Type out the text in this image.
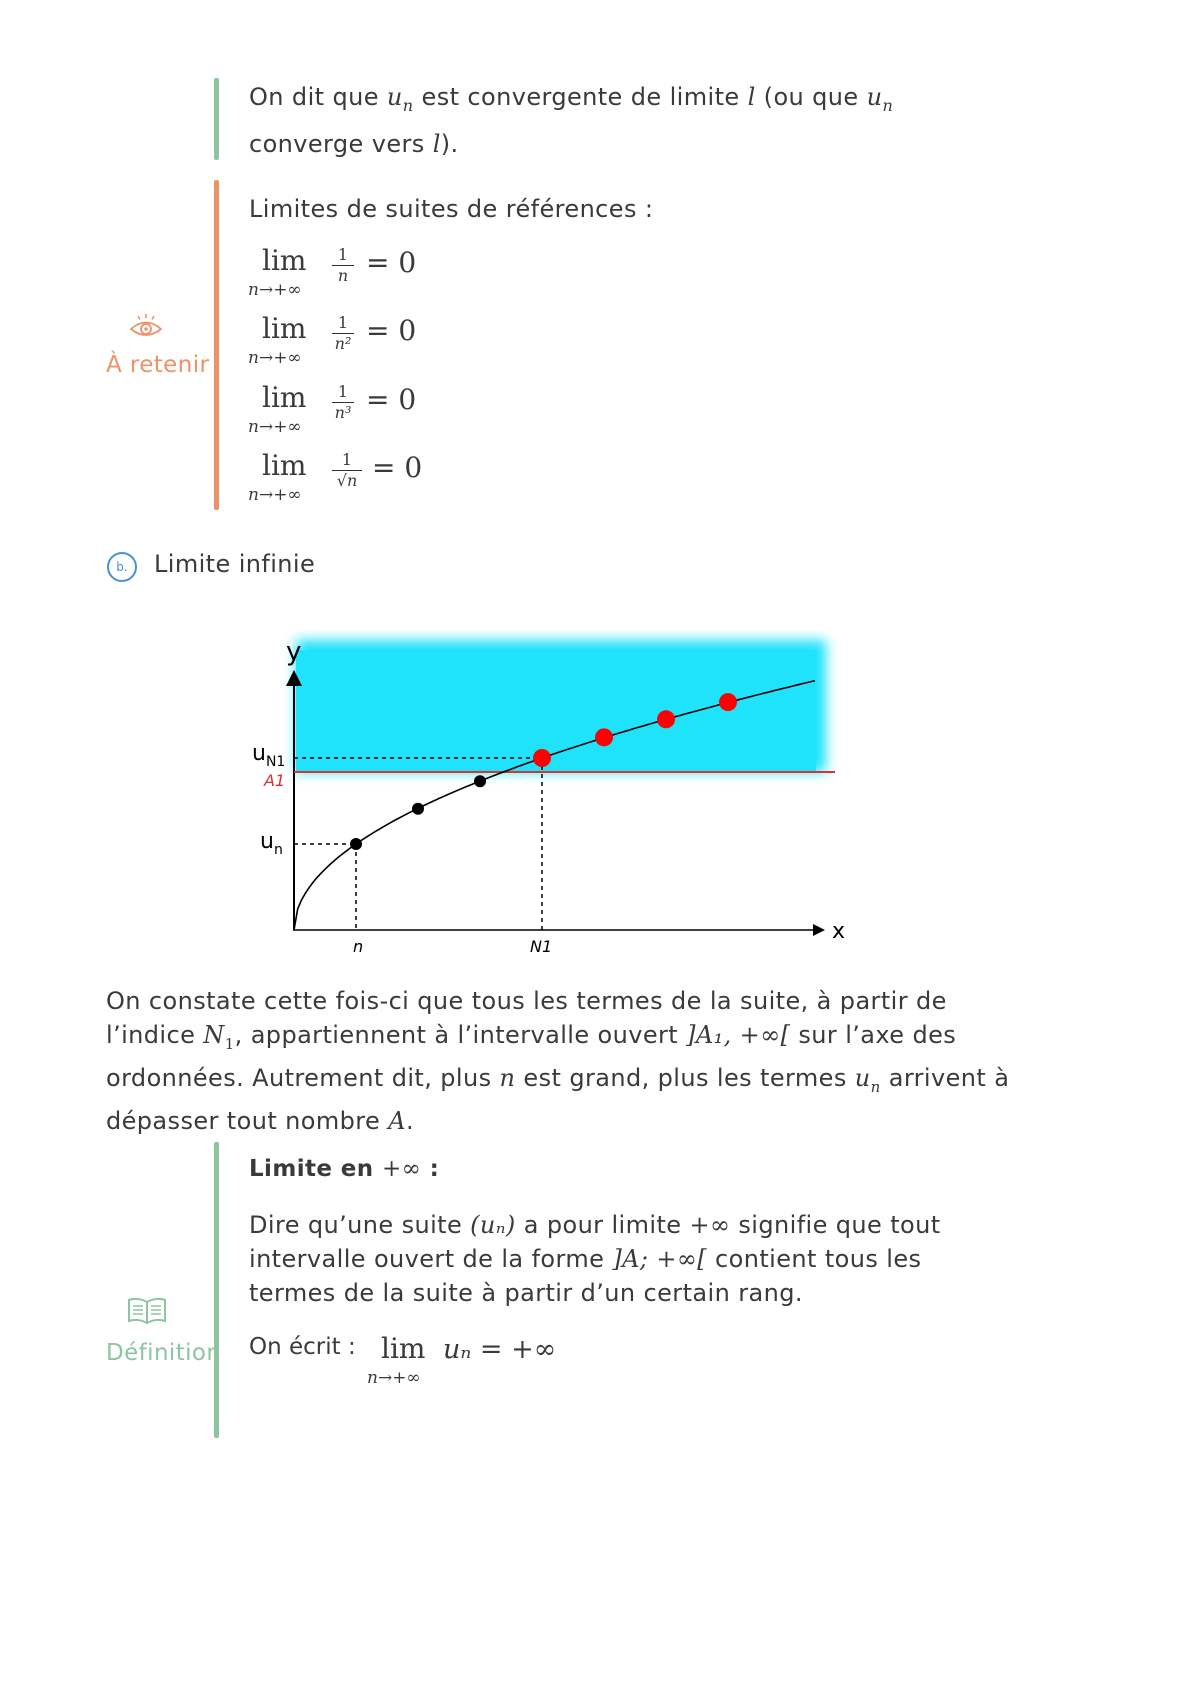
On dit que $u_n$ est convergente de limite l (ou que $u_n$
converge vers l).
À retenir
Limites de suites de références :
lim
n→+∞
1
n = 0
lim
n→+∞
1
n² = 0
lim
n→+∞
1
n³ = 0
lim
n→+∞
1
√n = 0
b.	Limite infinie
y
x
$u_{N1}$
A1
$u_n$
n	N1
On constate cette fois-ci que tous les termes de la suite, à partir de
l’indice $N_1$, appartiennent à l’intervalle ouvert ]A₁, +∞[ sur l’axe des
ordonnées. Autrement dit, plus n est grand, plus les termes $u_n$ arrivent à
dépasser tout nombre A.
Définition
Limite en +∞ :
Dire qu’une suite (uₙ) a pour limite +∞ signifie que tout
intervalle ouvert de la forme ]A; +∞[ contient tous les
termes de la suite à partir d’un certain rang.
On écrit : lim
n→+∞
uₙ = +∞
